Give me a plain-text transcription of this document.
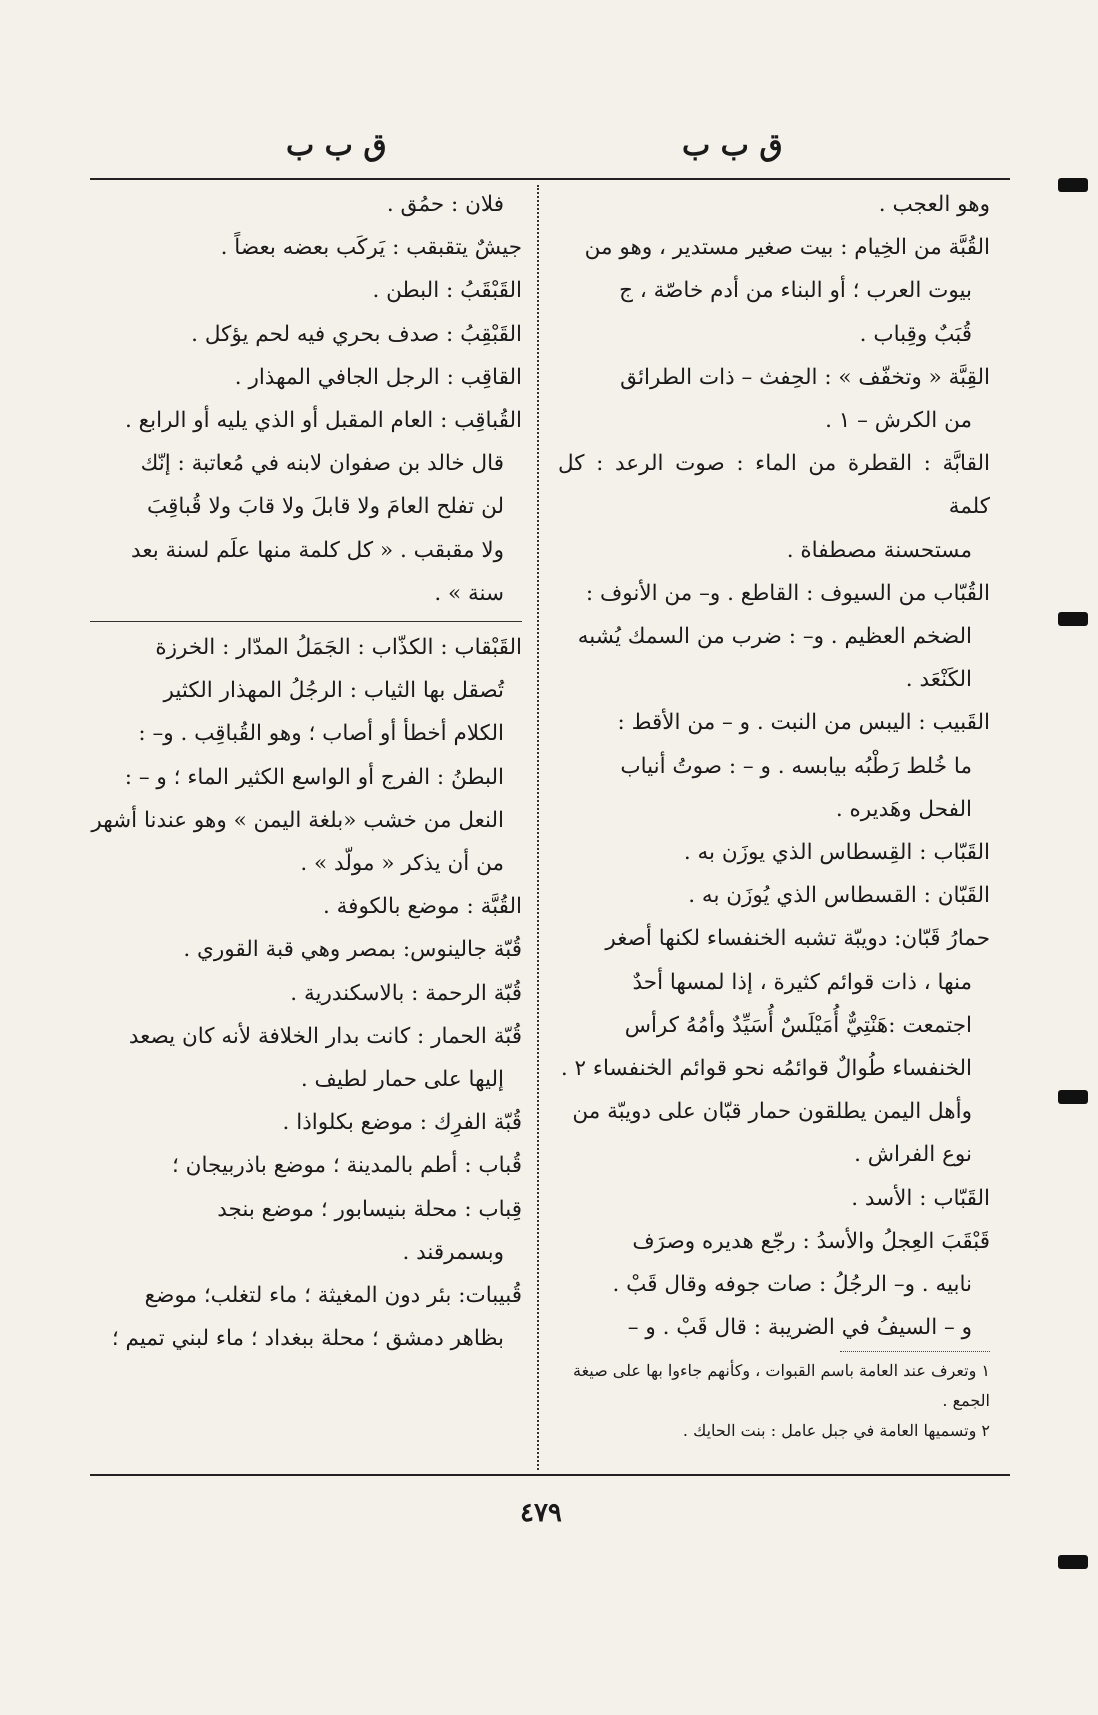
ق ب ب
ق ب ب

وهو العجب .

القُبَّة من الخِيام : بيت صغير مستدير ، وهو من

بيوت العرب ؛ أو البناء من أدم خاصّة ، ج

قُبَبٌ وقِباب .

القِبَّة « وتخفّف » : الحِفث – ذات الطرائق

من الكرش – ١ .

القابَّة : القطرة من الماء : صوت الرعد : كل كلمة

مستحسنة مصطفاة .

القُبّاب من السيوف : القاطع . و– من الأنوف :

الضخم العظيم . و– : ضرب من السمك يُشبه

الكَنْعَد .

القَبيب : اليبس من النبت . و – من الأقط :

ما خُلط رَطْبُه بيابسه . و – : صوتُ أنياب

الفحل وهَديره .

القَبّاب : القِسطاس الذي يوزَن به .

القَبّان : القسطاس الذي يُوزَن به .

حمارُ قَبّان: دويبّة تشبه الخنفساء لكنها أصغر

منها ، ذات قوائم كثيرة ، إذا لمسها أحدٌ

اجتمعت :هَنْتِيٌّ أُمَيْلَسٌ أُسَيِّدٌ وأمُهُ كرأس

الخنفساء طُوالٌ قوائمُه نحو قوائم الخنفساء ٢ .

وأهل اليمن يطلقون حمار قبّان على دويبّة من

نوع الفراش .

القَبّاب : الأسد .

قَبْقَبَ العِجلُ والأسدُ : رجّع هديره وصرَف

نابيه . و– الرجُلُ : صات جوفه وقال قَبْ .

و – السيفُ في الضريبة : قال قَبْ . و –

١ وتعرف عند العامة باسم القبوات ، وكأنهم جاءوا بها على صيغة الجمع .

٢ وتسميها العامة في جبل عامل : بنت الحايك .

فلان : حمُق .

جيشٌ يتقبقب : يَركَب بعضه بعضاً .

القَبْقَبُ : البطن .

القَبْقِبُ : صدف بحري فيه لحم يؤكل .

القاقِب : الرجل الجافي المهذار .

القُباقِب : العام المقبل أو الذي يليه أو الرابع .

قال خالد بن صفوان لابنه في مُعاتبة : إنّك

لن تفلح العامَ ولا قابلَ ولا قابَ ولا قُباقِبَ

ولا مقبقب . « كل كلمة منها علَم لسنة بعد

سنة » .

القَبْقاب : الكذّاب : الجَمَلُ المدّار : الخرزة

تُصقل بها الثياب : الرجُلُ المهذار الكثير

الكلام أخطأ أو أصاب ؛ وهو القُباقِب . و– :

البطنُ : الفرج أو الواسع الكثير الماء ؛ و – :

النعل من خشب «بلغة اليمن » وهو عندنا أشهر

من أن يذكر « مولّد » .

القُبَّة : موضع بالكوفة .

قُبّة جالينوس: بمصر وهي قبة القوري .

قُبّة الرحمة : بالاسكندرية .

قُبّة الحمار : كانت بدار الخلافة لأنه كان يصعد

إليها على حمار لطيف .

قُبّة الفرِك : موضع بكلواذا .

قُباب : أطم بالمدينة ؛ موضع باذربيجان ؛

قِباب : محلة بنيسابور ؛ موضع بنجد

وبسمرقند .

قُبيبات: بئر دون المغيثة ؛ ماء لتغلب؛ موضع

بظاهر دمشق ؛ محلة ببغداد ؛ ماء لبني تميم ؛

٤٧٩
